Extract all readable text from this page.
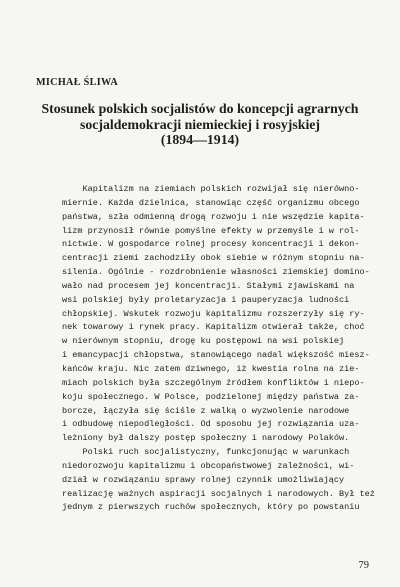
MICHAŁ ŚLIWA

Stosunek polskich socjalistów do koncepcji agrarnych
socjaldemokracji niemieckiej i rosyjskiej
(1894—1914)
Kapitalizm na ziemiach polskich rozwijał się nierówno-
miernie. Każda dzielnica, stanowiąc część organizmu obcego
państwa, szła odmienną drogą rozwoju i nie wszędzie kapita-
lizm przynosił równie pomyślne efekty w przemyśle i w rol-
nictwie. W gospodarce rolnej procesy koncentracji i dekon-
centracji ziemi zachodziły obok siebie w różnym stopniu na-
silenia. Ogólnie - rozdrobnienie własności ziemskiej domino-
wało nad procesem jej koncentracji. Stałymi zjawiskami na
wsi polskiej były proletaryzacja i pauperyzacja ludności
chłopskiej. Wskutek rozwoju kapitalizmu rozszerzyły się ry-
nek towarowy i rynek pracy. Kapitalizm otwierał także, choć
w nierównym stopniu, drogę ku postępowi na wsi polskiej
i emancypacji chłopstwa, stanowiącego nadal większość miesz-
kańców kraju. Nic zatem dziwnego, iż kwestia rolna na zie-
miach polskich była szczególnym źródłem konfliktów i niepo-
koju społecznego. W Polsce, podzielonej między państwa za-
borcze, łączyła się ściśle z walką o wyzwolenie narodowe
i odbudowę niepodległości. Od sposobu jej rozwiązania uza-
leżniony był dalszy postęp społeczny i narodowy Polaków.
Polski ruch socjalistyczny, funkcjonując w warunkach
niedorozwoju kapitalizmu i obcopaństwowej zależności, wi-
dział w rozwiązaniu sprawy rolnej czynnik umożliwiający
realizację ważnych aspiracji socjalnych i narodowych. Był też
jednym z pierwszych ruchów społecznych, który po powstaniu

79
